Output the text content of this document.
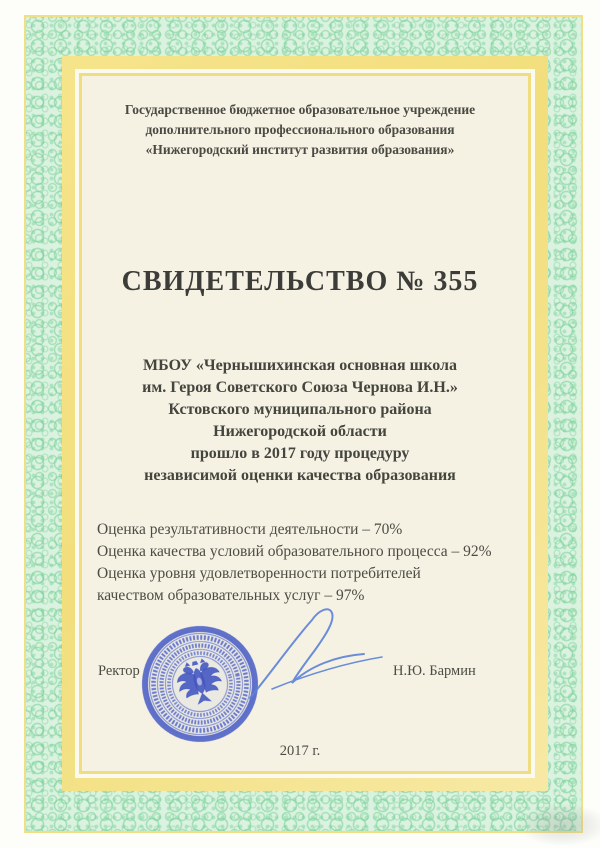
Государственное бюджетное образовательное учреждение
дополнительного профессионального образования
«Нижегородский институт развития образования»
СВИДЕТЕЛЬСТВО № 355
МБОУ «Чернышихинская основная школа
им. Героя Советского Союза Чернова И.Н.»
Кстовского муниципального района
Нижегородской области
прошло в 2017 году процедуру
независимой оценки качества образования
Оценка результативности деятельности – 70%
Оценка качества условий образовательного процесса – 92%
Оценка уровня удовлетворенности потребителей
качеством образовательных услуг – 97%
Ректор	Н.Ю. Бармин
2017 г.
